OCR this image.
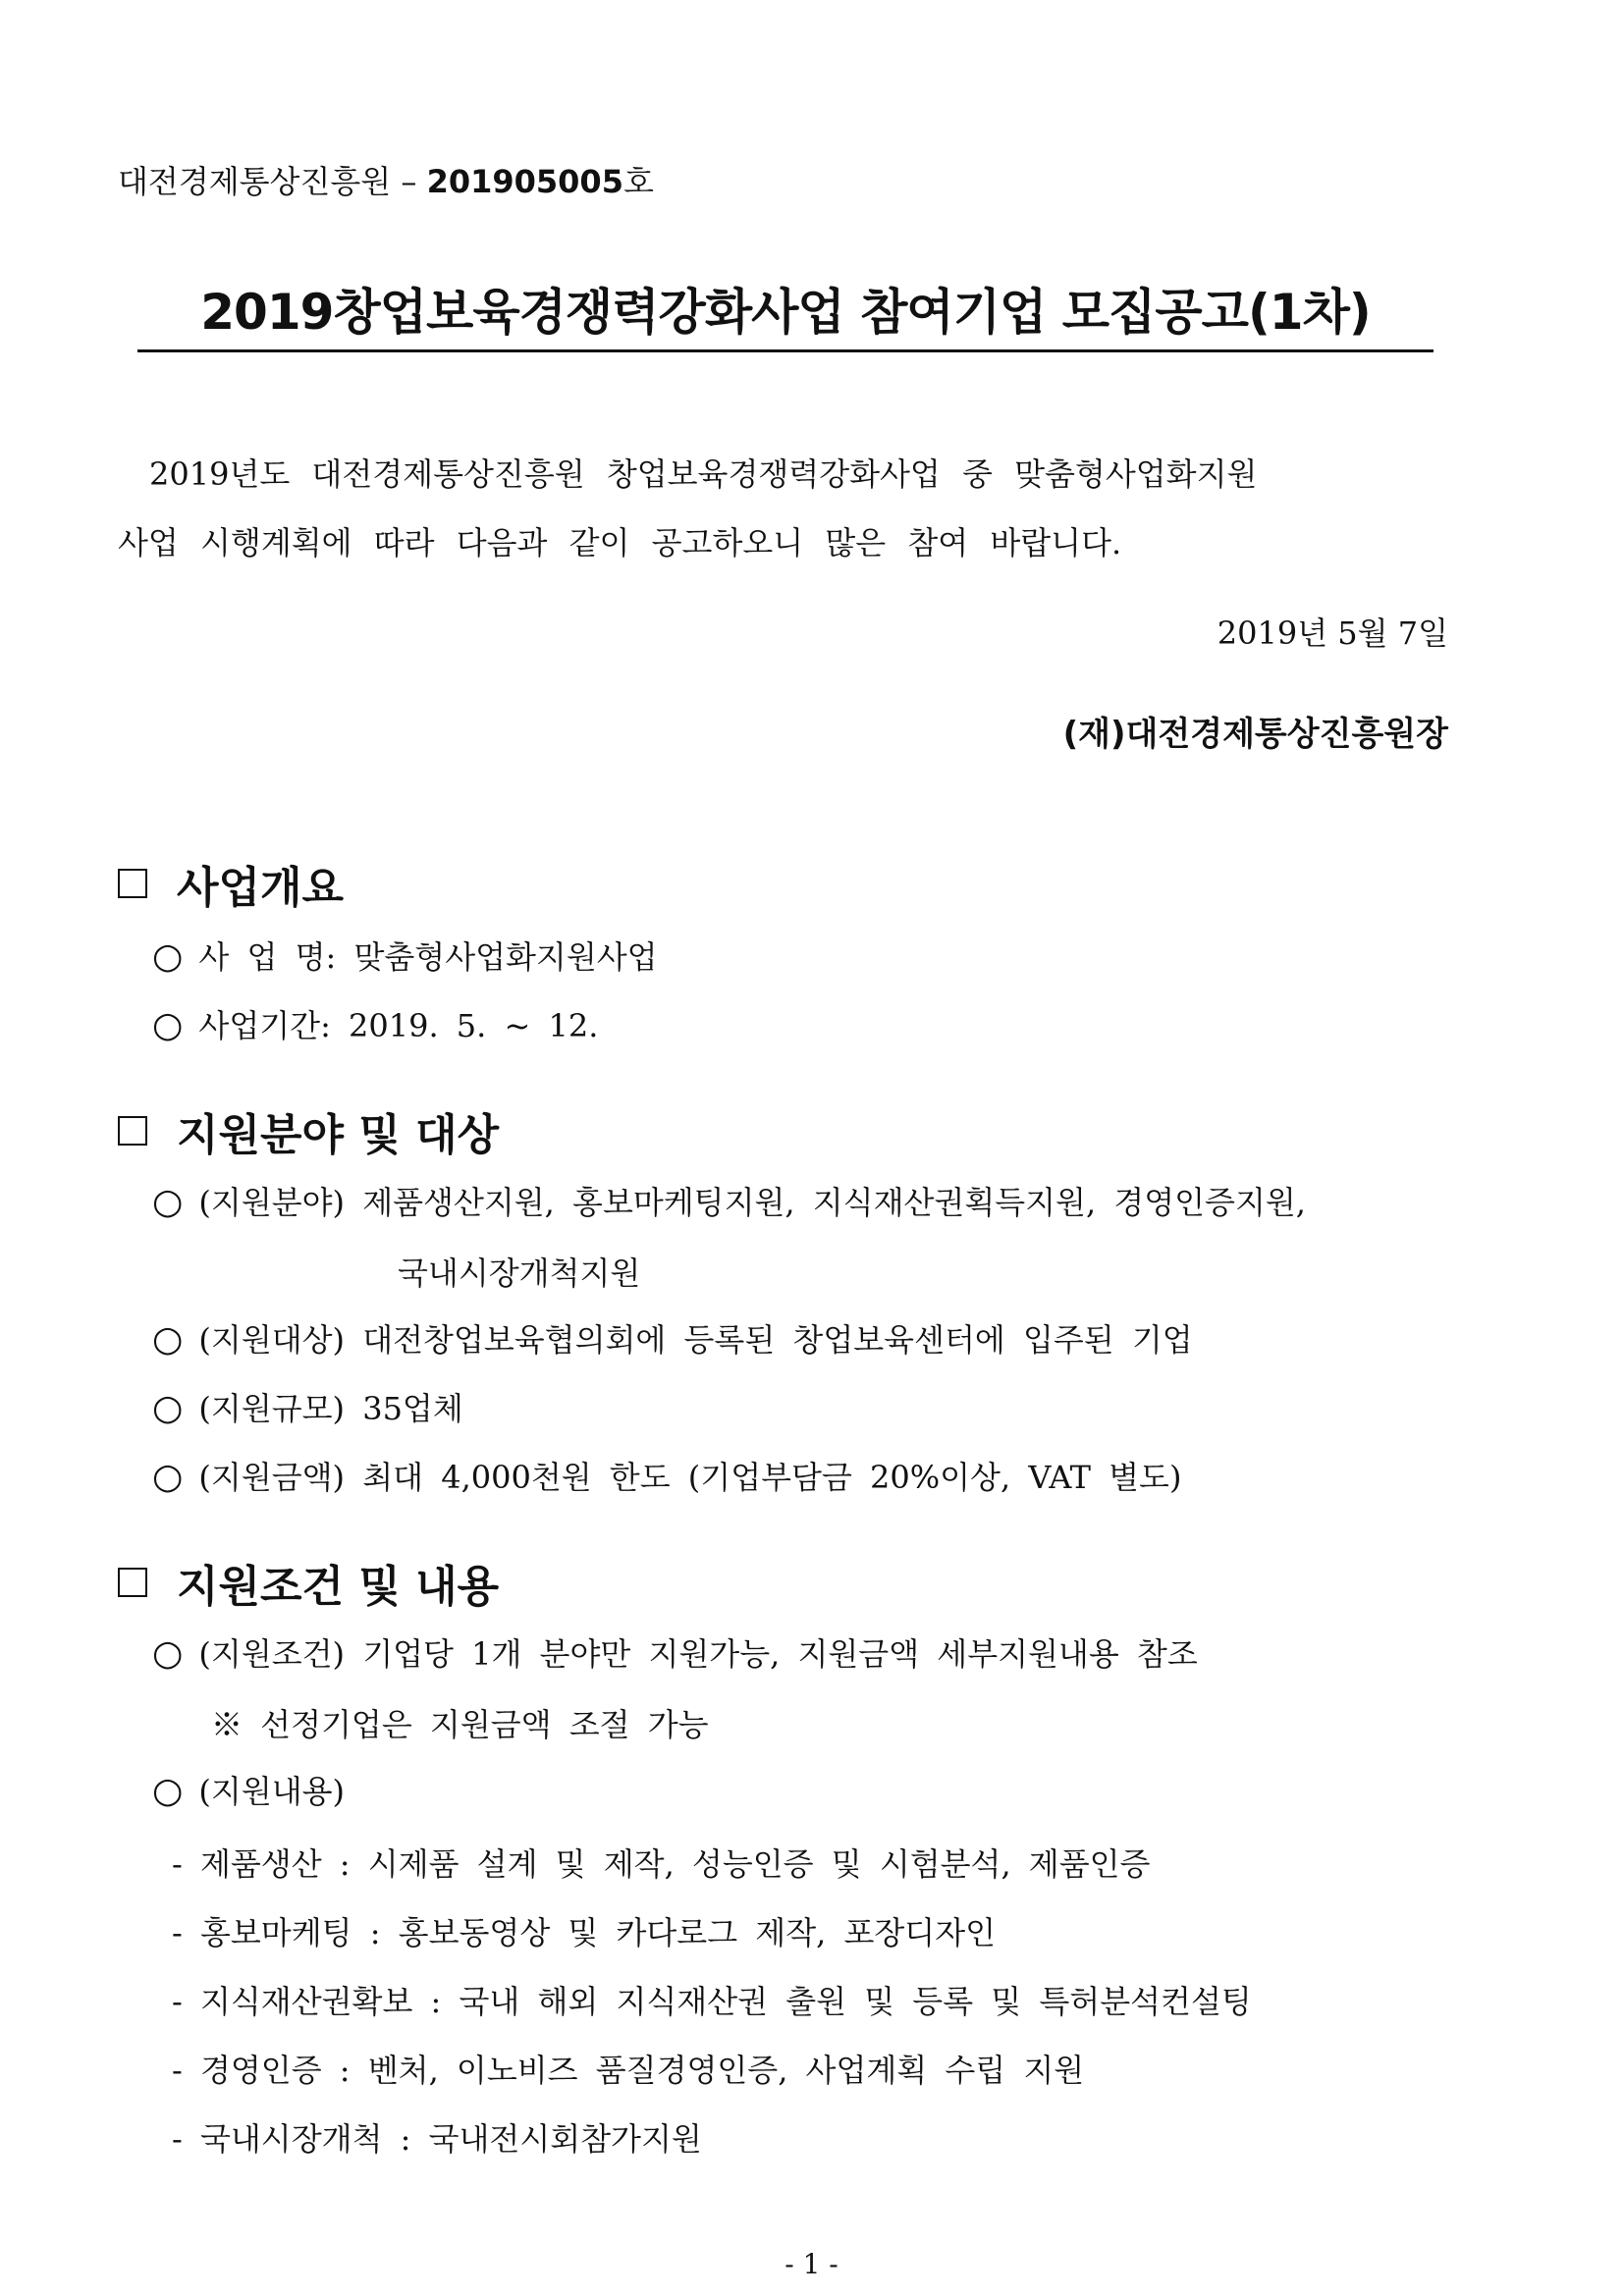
대전경제통상진흥원 – 201905005호
2019창업보육경쟁력강화사업 참여기업 모집공고(1차)
2019년도 대전경제통상진흥원 창업보육경쟁력강화사업 중 맞춤형사업화지원
사업 시행계획에 따라 다음과 같이 공고하오니 많은 참여 바랍니다.
2019년 5월 7일
(재)대전경제통상진흥원장
사업개요
○ 사 업 명: 맞춤형사업화지원사업
○ 사업기간: 2019. 5. ~ 12.
지원분야 및 대상
○ (지원분야) 제품생산지원, 홍보마케팅지원, 지식재산권획득지원, 경영인증지원,
국내시장개척지원
○ (지원대상) 대전창업보육협의회에 등록된 창업보육센터에 입주된 기업
○ (지원규모) 35업체
○ (지원금액) 최대 4,000천원 한도 (기업부담금 20%이상, VAT 별도)
지원조건 및 내용
○ (지원조건) 기업당 1개 분야만 지원가능, 지원금액 세부지원내용 참조
※ 선정기업은 지원금액 조절 가능
○ (지원내용)
- 제품생산 : 시제품 설계 및 제작, 성능인증 및 시험분석, 제품인증
- 홍보마케팅 : 홍보동영상 및 카다로그 제작, 포장디자인
- 지식재산권확보 : 국내 해외 지식재산권 출원 및 등록 및 특허분석컨설팅
- 경영인증 : 벤처, 이노비즈 품질경영인증, 사업계획 수립 지원
- 국내시장개척 : 국내전시회참가지원
- 1 -
